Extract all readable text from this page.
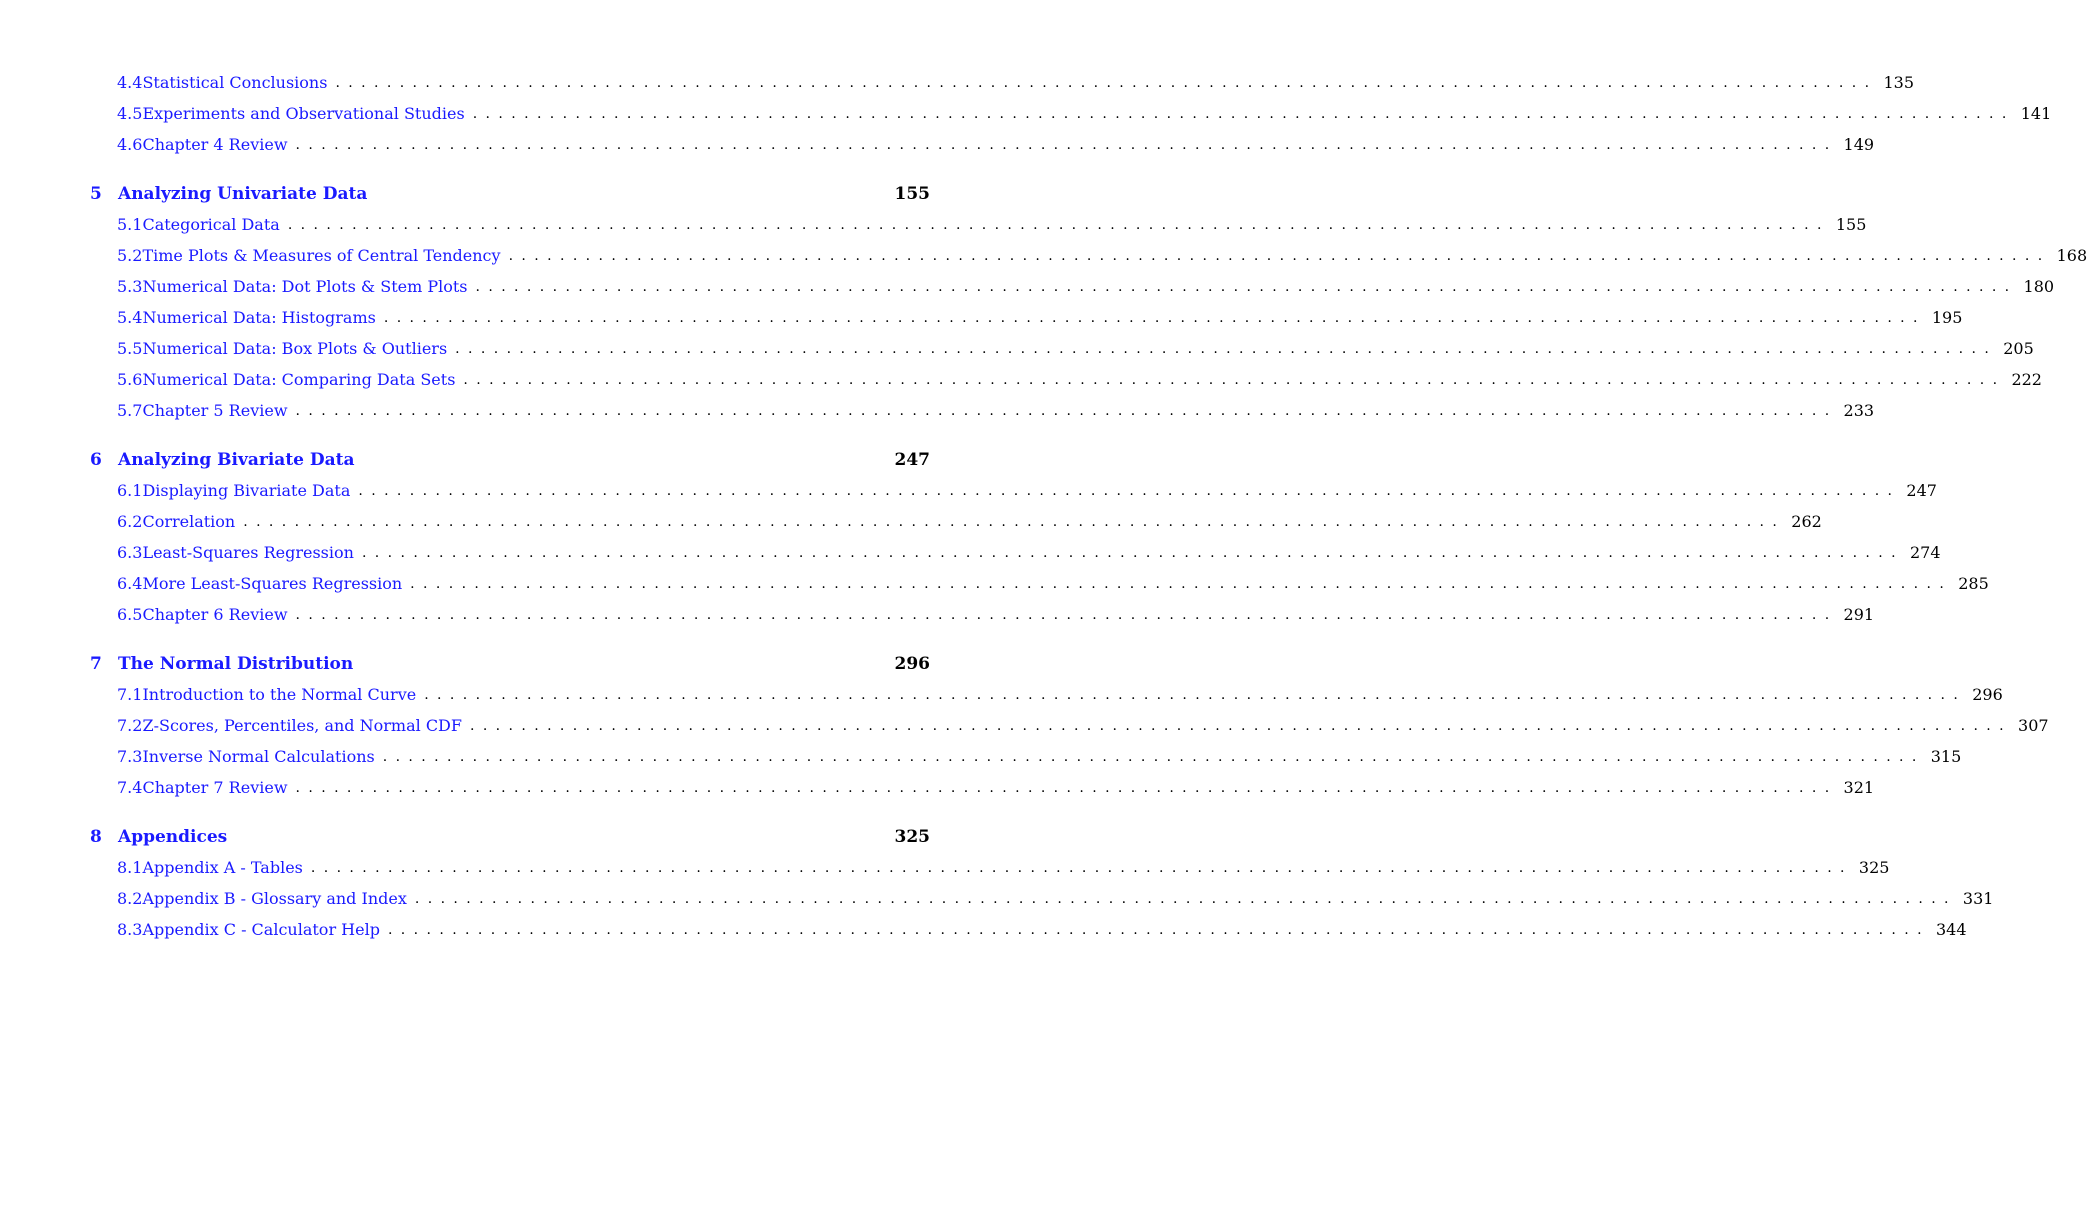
4.4 Statistical Conclusions ........................................................................................................................ 135
4.5 Experiments and Observational Studies ........................................................................................................................ 141
4.6 Chapter 4 Review ........................................................................................................................ 149
5 Analyzing Univariate Data	155
5.1 Categorical Data ........................................................................................................................ 155
5.2 Time Plots & Measures of Central Tendency ........................................................................................................................ 168
5.3 Numerical Data: Dot Plots & Stem Plots ........................................................................................................................ 180
5.4 Numerical Data: Histograms ........................................................................................................................ 195
5.5 Numerical Data: Box Plots & Outliers ........................................................................................................................ 205
5.6 Numerical Data: Comparing Data Sets ........................................................................................................................ 222
5.7 Chapter 5 Review ........................................................................................................................ 233
6 Analyzing Bivariate Data	247
6.1 Displaying Bivariate Data ........................................................................................................................ 247
6.2 Correlation ........................................................................................................................ 262
6.3 Least-Squares Regression ........................................................................................................................ 274
6.4 More Least-Squares Regression ........................................................................................................................ 285
6.5 Chapter 6 Review ........................................................................................................................ 291
7 The Normal Distribution	296
7.1 Introduction to the Normal Curve ........................................................................................................................ 296
7.2 Z-Scores, Percentiles, and Normal CDF ........................................................................................................................ 307
7.3 Inverse Normal Calculations ........................................................................................................................ 315
7.4 Chapter 7 Review ........................................................................................................................ 321
8 Appendices	325
8.1 Appendix A - Tables ........................................................................................................................ 325
8.2 Appendix B - Glossary and Index ........................................................................................................................ 331
8.3 Appendix C - Calculator Help ........................................................................................................................ 344
